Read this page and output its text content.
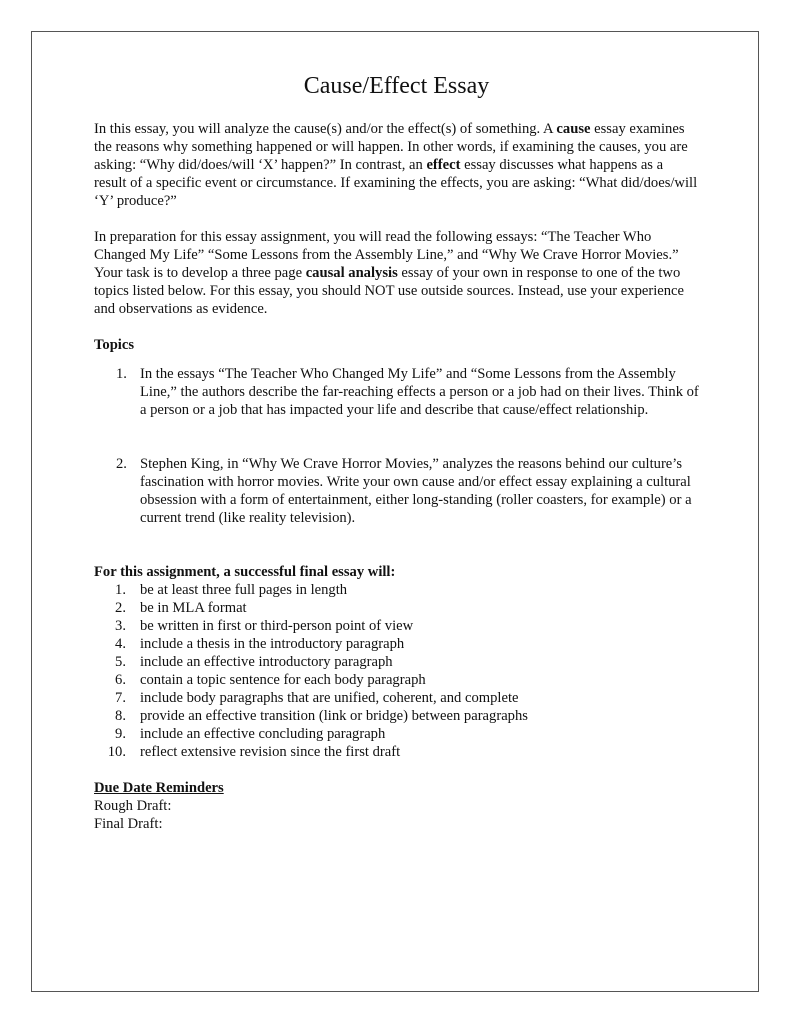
Cause/Effect Essay

In this essay, you will analyze the cause(s) and/or the effect(s) of something. A cause essay examines the reasons why something happened or will happen. In other words, if examining the causes, you are asking: “Why did/does/will ‘X’ happen?” In contrast, an effect essay discusses what happens as a result of a specific event or circumstance. If examining the effects, you are asking: “What did/does/will ‘Y’ produce?”

In preparation for this essay assignment, you will read the following essays: “The Teacher Who Changed My Life” “Some Lessons from the Assembly Line,” and “Why We Crave Horror Movies.” Your task is to develop a three page causal analysis essay of your own in response to one of the two topics listed below. For this essay, you should NOT use outside sources. Instead, use your experience and observations as evidence.

Topics

1. In the essays “The Teacher Who Changed My Life” and “Some Lessons from the Assembly Line,” the authors describe the far-reaching effects a person or a job had on their lives. Think of a person or a job that has impacted your life and describe that cause/effect relationship.
2. Stephen King, in “Why We Crave Horror Movies,” analyzes the reasons behind our culture’s fascination with horror movies. Write your own cause and/or effect essay explaining a cultural obsession with a form of entertainment, either long-standing (roller coasters, for example) or a current trend (like reality television).

For this assignment, a successful final essay will:

1. be at least three full pages in length
2. be in MLA format
3. be written in first or third-person point of view
4. include a thesis in the introductory paragraph
5. include an effective introductory paragraph
6. contain a topic sentence for each body paragraph
7. include body paragraphs that are unified, coherent, and complete
8. provide an effective transition (link or bridge) between paragraphs
9. include an effective concluding paragraph
10. reflect extensive revision since the first draft

Due Date Reminders

Rough Draft:

Final Draft:
